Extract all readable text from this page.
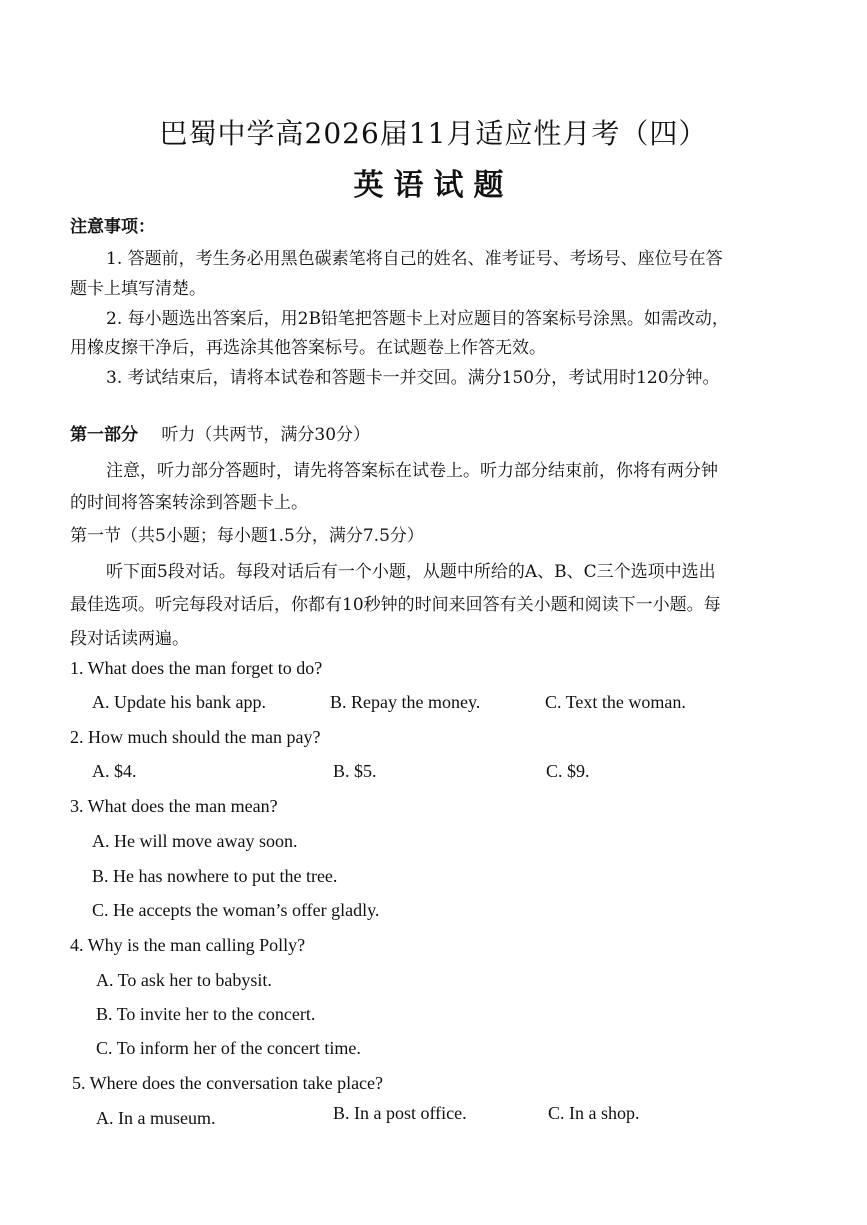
巴蜀中学高2026届11月适应性月考（四）
英语试题
注意事项：
1. 答题前，考生务必用黑色碳素笔将自己的姓名、准考证号、考场号、座位号在答
题卡上填写清楚。
2. 每小题选出答案后，用2B铅笔把答题卡上对应题目的答案标号涂黑。如需改动，
用橡皮擦干净后，再选涂其他答案标号。在试题卷上作答无效。
3. 考试结束后，请将本试卷和答题卡一并交回。满分150分，考试用时120分钟。
第一部分 听力（共两节，满分30分）
注意，听力部分答题时，请先将答案标在试卷上。听力部分结束前，你将有两分钟
的时间将答案转涂到答题卡上。
第一节（共5小题；每小题1.5分，满分7.5分）
听下面5段对话。每段对话后有一个小题，从题中所给的A、B、C三个选项中选出
最佳选项。听完每段对话后，你都有10秒钟的时间来回答有关小题和阅读下一小题。每
段对话读两遍。
1. What does the man forget to do?
A. Update his bank app.	B. Repay the money.	C. Text the woman.
2. How much should the man pay?
A. $4.	B. $5.	C. $9.
3. What does the man mean?
A. He will move away soon.
B. He has nowhere to put the tree.
C. He accepts the woman’s offer gladly.
4. Why is the man calling Polly?
A. To ask her to babysit.
B. To invite her to the concert.
C. To inform her of the concert time.
5. Where does the conversation take place?
A. In a museum.	B. In a post office.	C. In a shop.
